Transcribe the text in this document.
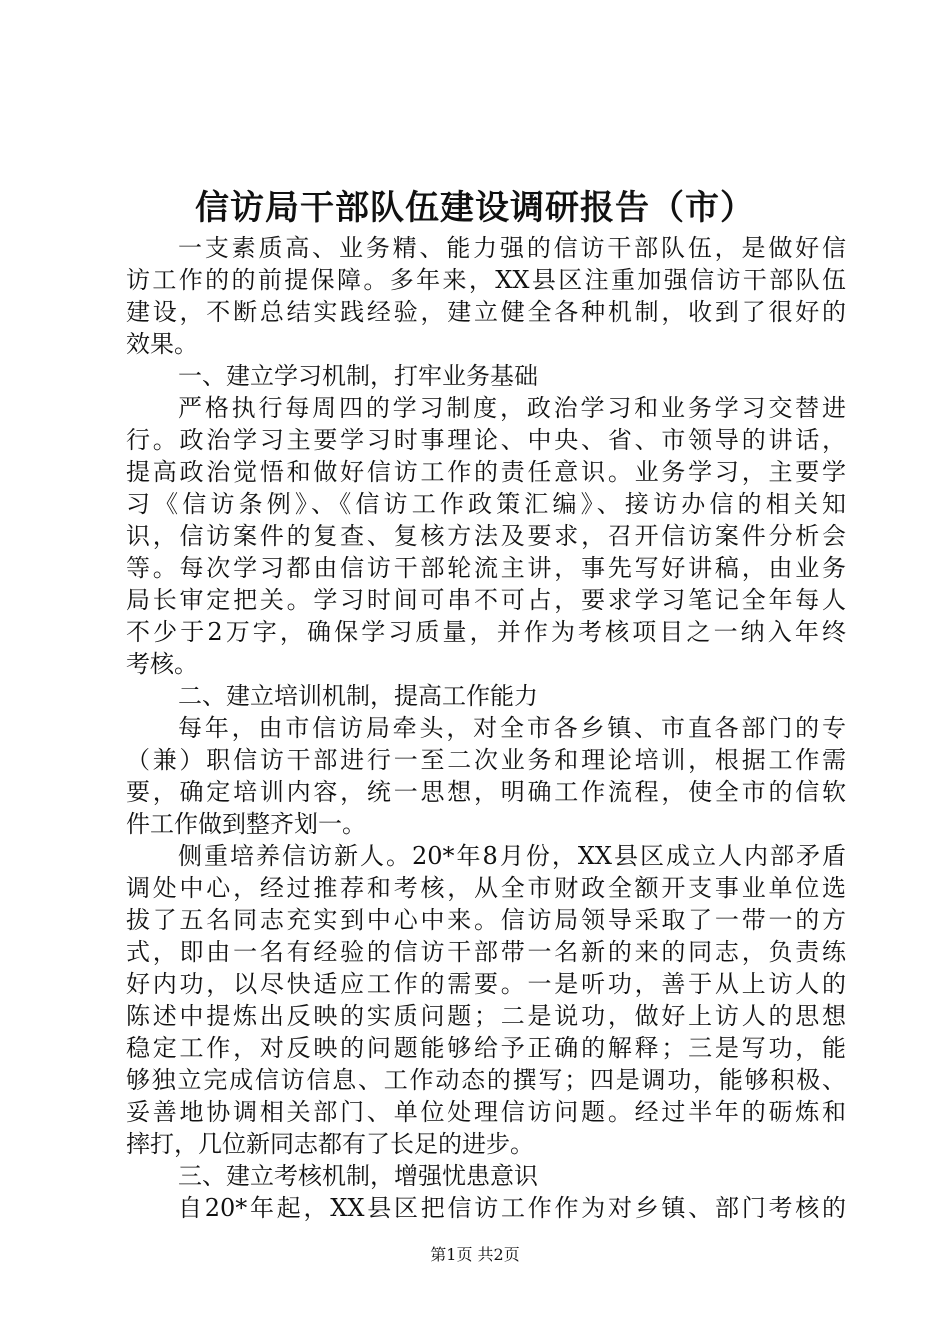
信访局干部队伍建设调研报告（市）
一支素质高、业务精、能力强的信访干部队伍，是做好信
访工作的的前提保障。多年来，XX县区注重加强信访干部队伍
建设，不断总结实践经验，建立健全各种机制，收到了很好的
效果。
一、建立学习机制，打牢业务基础
严格执行每周四的学习制度，政治学习和业务学习交替进
行。政治学习主要学习时事理论、中央、省、市领导的讲话，
提高政治觉悟和做好信访工作的责任意识。业务学习，主要学
习《信访条例》、《信访工作政策汇编》、接访办信的相关知
识，信访案件的复查、复核方法及要求，召开信访案件分析会
等。每次学习都由信访干部轮流主讲，事先写好讲稿，由业务
局长审定把关。学习时间可串不可占，要求学习笔记全年每人
不少于2万字，确保学习质量，并作为考核项目之一纳入年终
考核。
二、建立培训机制，提高工作能力
每年，由市信访局牵头，对全市各乡镇、市直各部门的专
（兼）职信访干部进行一至二次业务和理论培训，根据工作需
要，确定培训内容，统一思想，明确工作流程，使全市的信软
件工作做到整齐划一。
侧重培养信访新人。20*年8月份，XX县区成立人内部矛盾
调处中心，经过推荐和考核，从全市财政全额开支事业单位选
拔了五名同志充实到中心中来。信访局领导采取了一带一的方
式，即由一名有经验的信访干部带一名新的来的同志，负责练
好内功，以尽快适应工作的需要。一是听功，善于从上访人的
陈述中提炼出反映的实质问题；二是说功，做好上访人的思想
稳定工作，对反映的问题能够给予正确的解释；三是写功，能
够独立完成信访信息、工作动态的撰写；四是调功，能够积极、
妥善地协调相关部门、单位处理信访问题。经过半年的砺炼和
摔打，几位新同志都有了长足的进步。
三、建立考核机制，增强忧患意识
自20*年起，XX县区把信访工作作为对乡镇、部门考核的
第1页 共2页
